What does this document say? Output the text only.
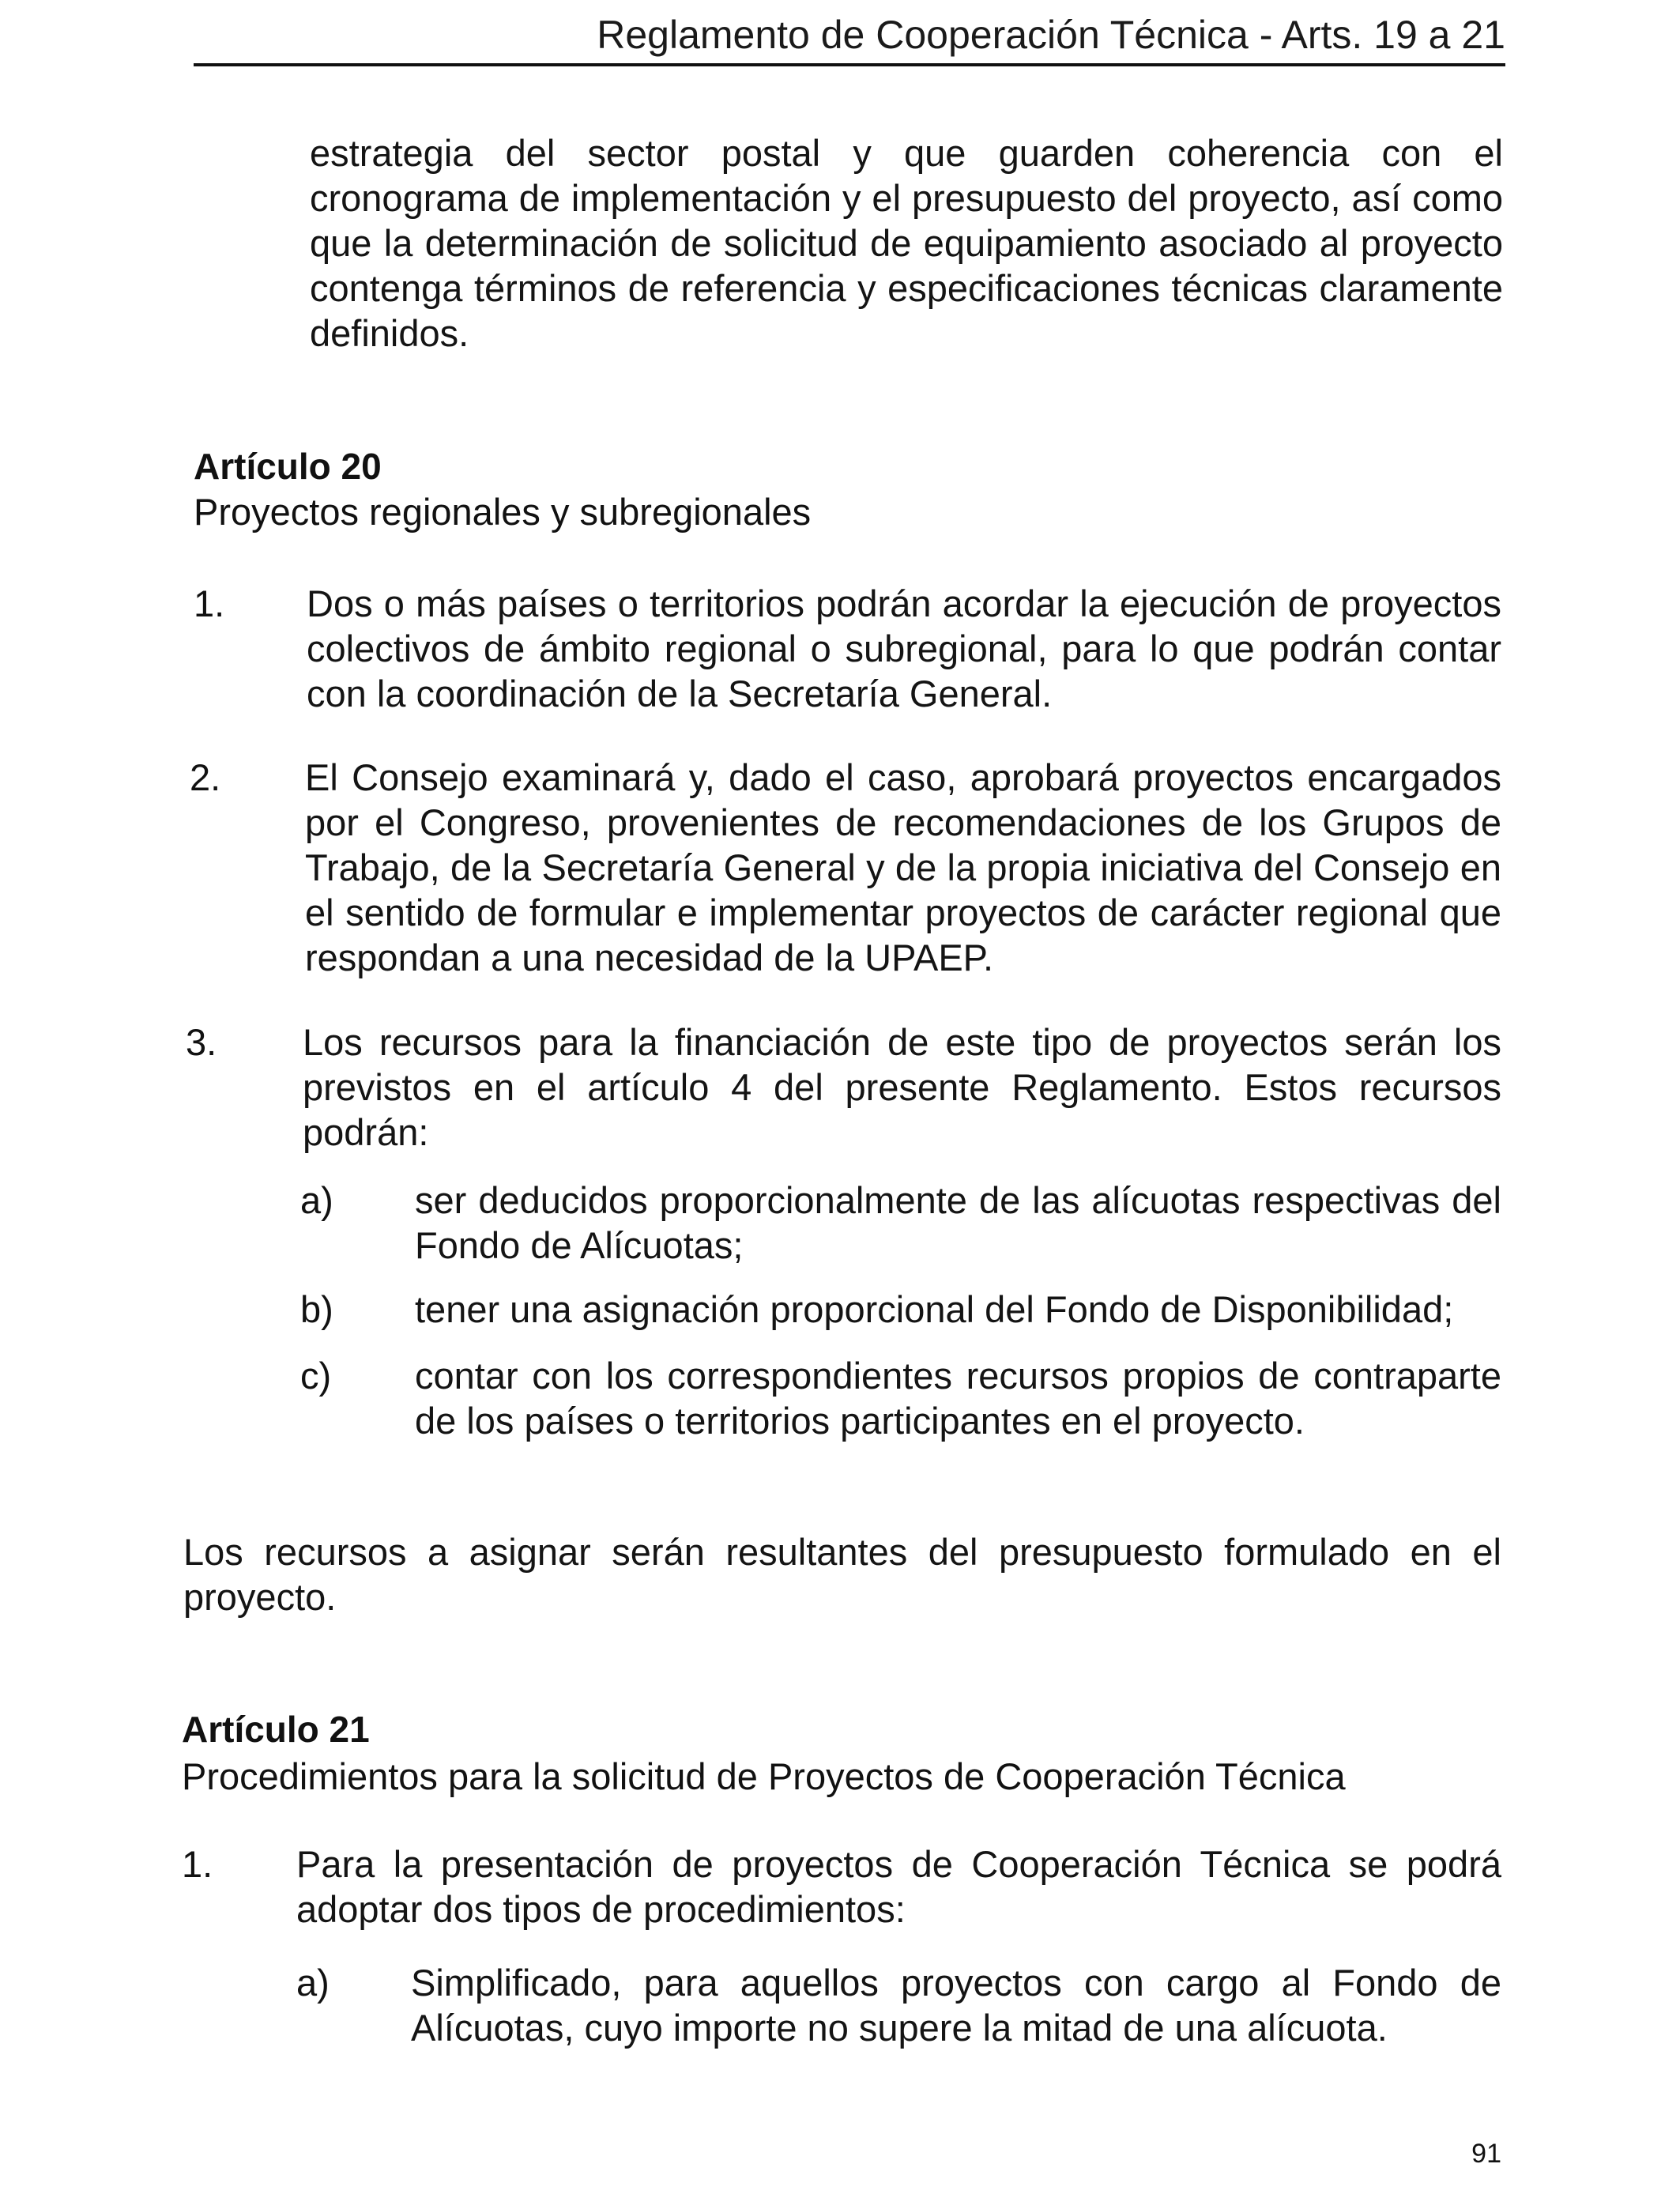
Reglamento de Cooperación Técnica - Arts. 19 a 21
estrategia del sector postal y que guarden coherencia con el cronograma de implementación y el presupuesto del proyecto, así como que la determinación de solicitud de equipamiento asociado al proyecto contenga términos de referencia y especificaciones técnicas claramente definidos.
Artículo 20
Proyectos regionales y subregionales
1. Dos o más países o territorios podrán acordar la ejecución de proyectos colectivos de ámbito regional o subregional, para lo que podrán contar con la coordinación de la Secretaría General.
2. El Consejo examinará y, dado el caso, aprobará proyectos encargados por el Congreso, provenientes de recomendaciones de los Grupos de Trabajo, de la Secretaría General y de la propia iniciativa del Consejo en el sentido de formular e implementar proyectos de carácter regional que respondan a una necesidad de la UPAEP.
3. Los recursos para la financiación de este tipo de proyectos serán los previstos en el artículo 4 del presente Reglamento. Estos recursos podrán:
a) ser deducidos proporcionalmente de las alícuotas respectivas del Fondo de Alícuotas;
b) tener una asignación proporcional del Fondo de Disponibilidad;
c) contar con los correspondientes recursos propios de contraparte de los países o territorios participantes en el proyecto.
Los recursos a asignar serán resultantes del presupuesto formulado en el proyecto.
Artículo 21
Procedimientos para la solicitud de Proyectos de Cooperación Técnica
1. Para la presentación de proyectos de Cooperación Técnica se podrá adoptar dos tipos de procedimientos:
a) Simplificado, para aquellos proyectos con cargo al Fondo de Alícuotas, cuyo importe no supere la mitad de una alícuota.
91
